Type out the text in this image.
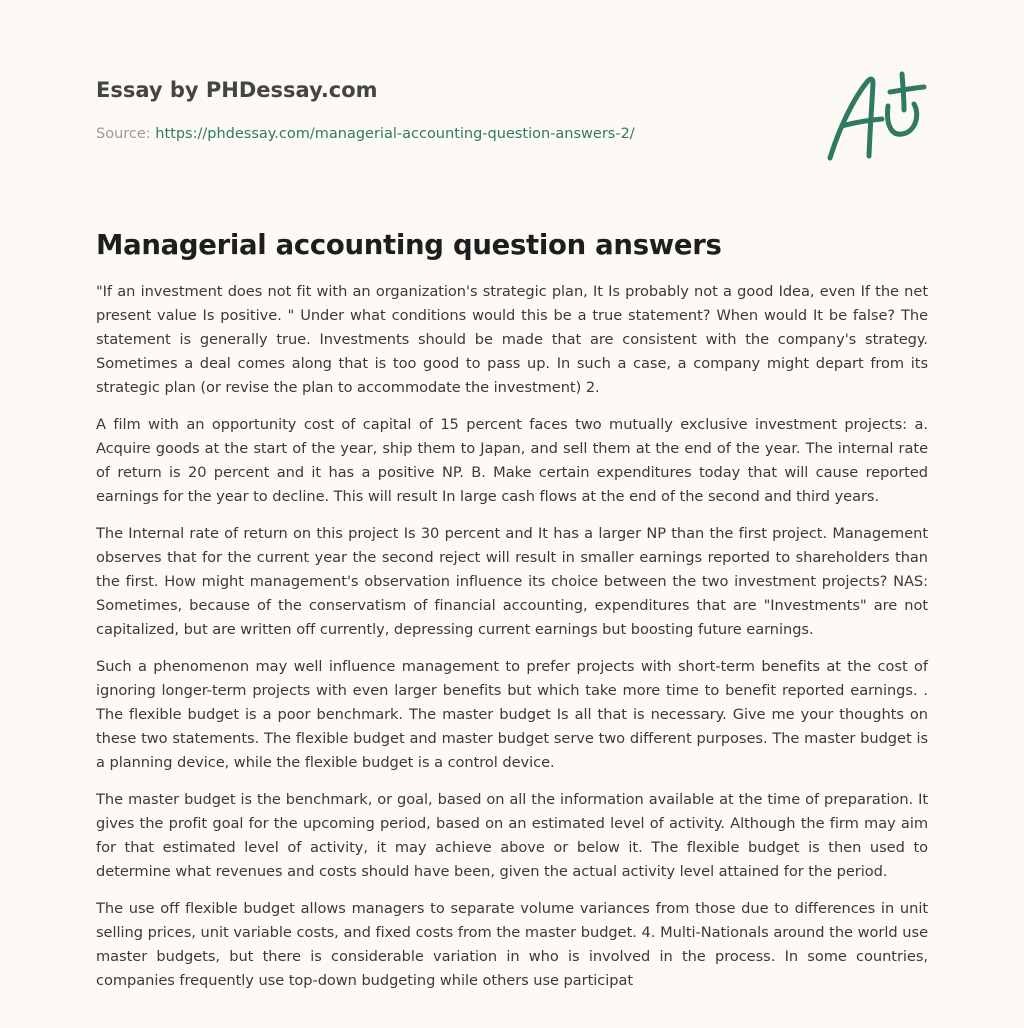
Essay by PHDessay.com
Source: https://phdessay.com/managerial-accounting-question-answers-2/
Managerial accounting question answers

"If an investment does not fit with an organization's strategic plan, It Is probably not a good Idea, even If the net present value Is positive. " Under what conditions would this be a true statement? When would It be false? The statement is generally true. Investments should be made that are consistent with the company's strategy. Sometimes a deal comes along that is too good to pass up. In such a case, a company might depart from its strategic plan (or revise the plan to accommodate the investment) 2.

A film with an opportunity cost of capital of 15 percent faces two mutually exclusive investment projects: a. Acquire goods at the start of the year, ship them to Japan, and sell them at the end of the year. The internal rate of return is 20 percent and it has a positive NP. B. Make certain expenditures today that will cause reported earnings for the year to decline. This will result In large cash flows at the end of the second and third years.

The Internal rate of return on this project Is 30 percent and It has a larger NP than the first project. Management observes that for the current year the second reject will result in smaller earnings reported to shareholders than the first. How might management's observation influence its choice between the two investment projects? NAS: Sometimes, because of the conservatism of financial accounting, expenditures that are "Investments" are not capitalized, but are written off currently, depressing current earnings but boosting future earnings.

Such a phenomenon may well influence management to prefer projects with short-term benefits at the cost of ignoring longer-term projects with even larger benefits but which take more time to benefit reported earnings. . The flexible budget is a poor benchmark. The master budget Is all that is necessary. Give me your thoughts on these two statements. The flexible budget and master budget serve two different purposes. The master budget is a planning device, while the flexible budget is a control device.

The master budget is the benchmark, or goal, based on all the information available at the time of preparation. It gives the profit goal for the upcoming period, based on an estimated level of activity. Although the firm may aim for that estimated level of activity, it may achieve above or below it. The flexible budget is then used to determine what revenues and costs should have been, given the actual activity level attained for the period.

The use off flexible budget allows managers to separate volume variances from those due to differences in unit selling prices, unit variable costs, and fixed costs from the master budget. 4. Multi-Nationals around the world use master budgets, but there is considerable variation in who is involved in the process. In some countries, companies frequently use top-down budgeting while others use participat
